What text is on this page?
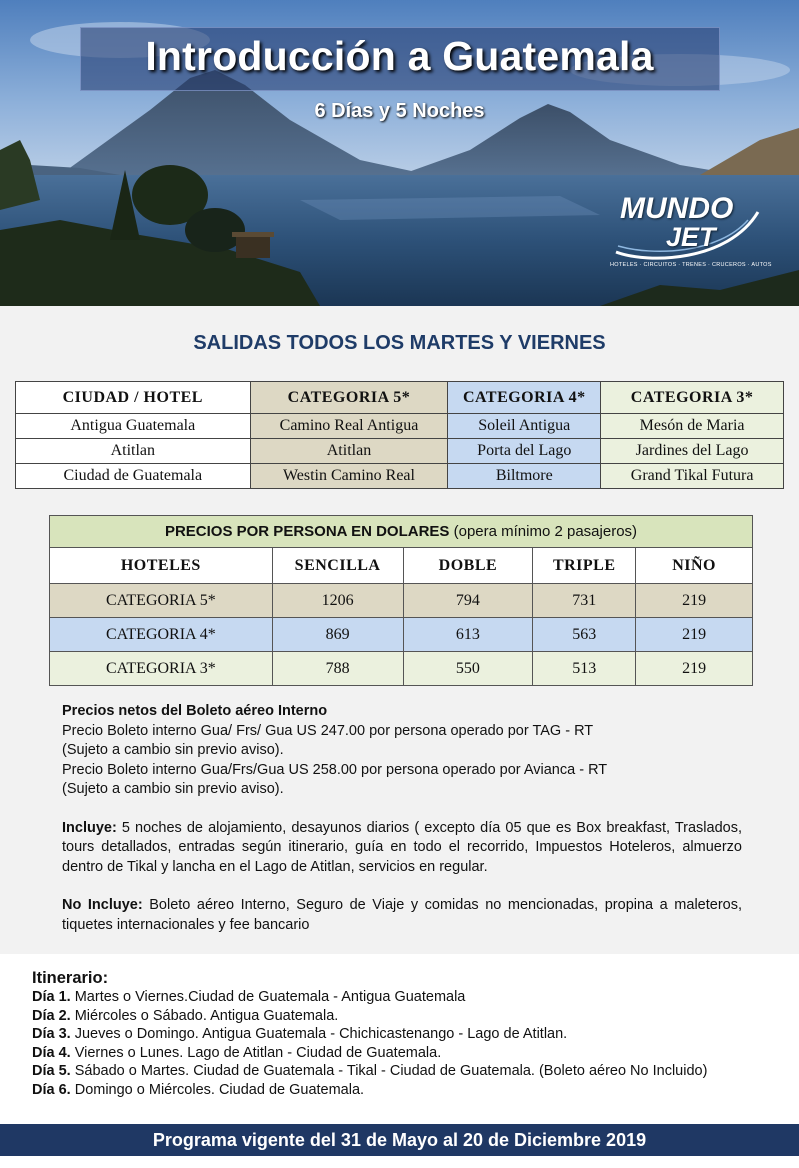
Introducción a Guatemala
6 Días y 5 Noches
MUNDO
JET
HOTELES · CIRCUITOS · TRENES · CRUCEROS · AUTOS
SALIDAS TODOS LOS MARTES Y VIERNES
CIUDAD / HOTEL	CATEGORIA 5*	CATEGORIA 4*	CATEGORIA 3*
Antigua Guatemala	Camino Real Antigua	Soleil Antigua	Mesón de Maria
Atitlan	Atitlan	Porta del Lago	Jardines del Lago
Ciudad de Guatemala	Westin Camino Real	Biltmore	Grand Tikal Futura
PRECIOS POR PERSONA EN DOLARES (opera mínimo 2 pasajeros)				
HOTELES	SENCILLA	DOBLE	TRIPLE	NIÑO
CATEGORIA 5*	1206	794	731	219
CATEGORIA 4*	869	613	563	219
CATEGORIA 3*	788	550	513	219

Precios netos del Boleto aéreo Interno

Precio Boleto interno Gua/ Frs/ Gua US 247.00 por persona operado por TAG - RT

(Sujeto a cambio sin previo aviso).

Precio Boleto interno Gua/Frs/Gua US 258.00 por persona operado por Avianca - RT

(Sujeto a cambio sin previo aviso).

Incluye: 5 noches de alojamiento, desayunos diarios ( excepto día 05 que es Box breakfast, Traslados, tours detallados, entradas según itinerario, guía en todo el recorrido, Impuestos Hoteleros, almuerzo dentro de Tikal y lancha en el Lago de Atitlan, servicios en regular.

No Incluye: Boleto aéreo Interno, Seguro de Viaje y comidas no mencionadas, propina a maleteros, tiquetes internacionales y fee bancario

Itinerario:
Día 1. Martes o Viernes.Ciudad de Guatemala - Antigua Guatemala
Día 2. Miércoles o Sábado. Antigua Guatemala.
Día 3. Jueves o Domingo. Antigua Guatemala - Chichicastenango - Lago de Atitlan.
Día 4. Viernes o Lunes. Lago de Atitlan - Ciudad de Guatemala.
Día 5. Sábado o Martes. Ciudad de Guatemala - Tikal - Ciudad de Guatemala. (Boleto aéreo No Incluido)
Día 6. Domingo o Miércoles. Ciudad de Guatemala.
Programa vigente del 31 de Mayo al 20 de Diciembre 2019
